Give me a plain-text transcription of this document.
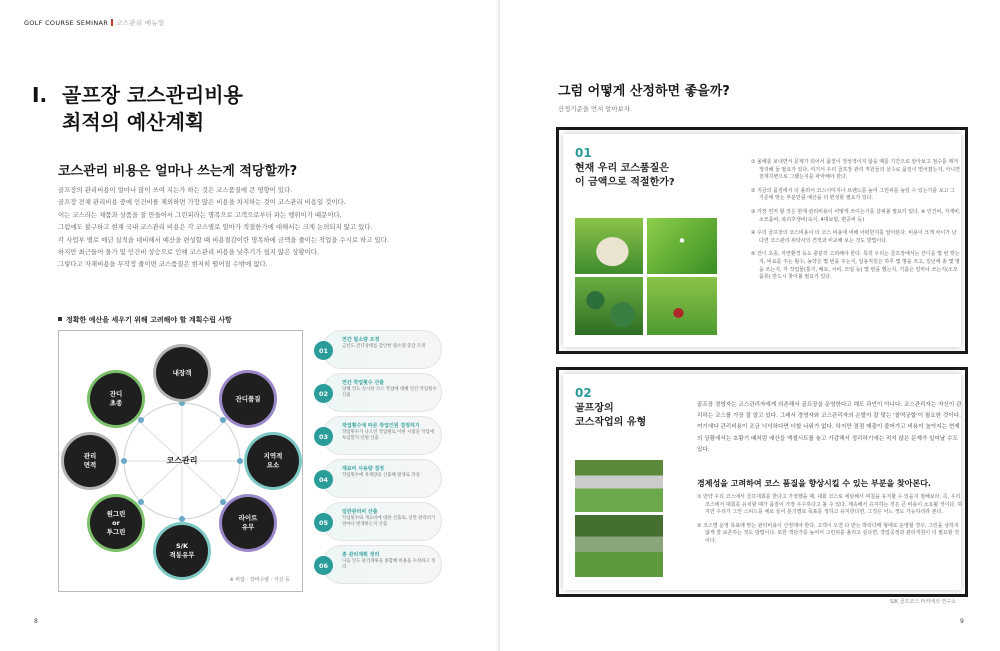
GOLF COURSE SEMINAR 코스관리 매뉴얼
Ⅰ. 골프장 코스관리비용
최적의 예산계획
코스관리 비용은 얼마나 쓰는게 적당할까?
골프장의 관리비용이 얼마나 많이 쓰여 지는가 하는 것은 코스품질에 큰 영향이 있다.
골프장 전체 관리비용 중에 인건비를 제외하면 가장 많은 비용을 차지하는 것이 코스관리 비용일 것이다.
이는 코스라는 제품과 상품을 잘 만들어서 그린피라는 명목으로 고객으로부터 파는 행위이기 때문이다.
그럼에도 불구하고 현재 국내 코스관리 비용은 각 코스별로 얼마가 적절한가에 대해서는 크게 논의되지 않고 있다.
각 사업부 별로 매년 실적을 대비해서 예산을 편성할 때 비용절감이란 명목하에 금액을 줄이는 작업을 수시로 하고 있다.
하지만 최근들어 물가 및 인건비 상승으로 인해 코스관리 비용을 낮추기가 쉽지 않은 상황이다.
그렇다고 자재비용을 무작정 줄이면 코스품질은 현저히 떨어질 수밖에 없다.
정확한 예산을 세우기 위해 고려해야 할 계획수립 사항
코스관리
내장객
잔디품질
지역적
요소
라이트
유무
S/K
적동유무
원그린
or
투그린
관리
면적
잔디
초종
※ 바람 · 장비수량 · 기상 등
01
연간 필소량 조정
금년도 잔디상태를 감안한 필소량 증감 조정
02
연간 작업횟수 산출
당해 연도 실시한 코스 작업에 대해 연간 작업횟수 산출
03
작업횟수에 따른 작업인원 결정하기
작업횟수가 나오면 작업별로 어떤 시범을 작업에 투입할지 인원 산출
04
재료비 사용량 결정
작업횟수에 자재량을 산출해 발생로 작성
05
일반관리비 산출
작업횟수와 재료비에 대한 산출로, 일반 관리비가 얼마나 발생하는지 산출
06
총 관리계획 정리
다음 연도 관리계획을 종합해 비용을 수정하고 정리
8
그럼 어떻게 산정하면 좋을까?
산정기준을 먼저 알아보자.
9
01
현재 우리 코스품질은
이 금액으로 적절한가?

① 올해를 보내면서 문제가 되어서 품질이 정상적이지 않을 때를 기간으로 알아보고 점수를 매겨 정리해 둘 필요가 있다. 여기서 우리 골프장 관리 직원들의 실수로 품질이 떨어졌는지, 아니면 천재지변으로 그랬는지를 파악해야 한다.

② 지금의 품질에서 더 올려서 코스이미지나 브랜드를 높여 그린피를 높일 수 있는가를 보고 그 기준에 맞는 부분만큼 예산을 더 편성할 필요가 있다.

③ 가장 먼저 할 것은 현재 관리비용이 어떻게 쓰이는가를 살펴볼 필요가 있다. ※ 인건비, 자재비, 소모품비, 복리후생비(숙식, 4대보험, 편공비 등)

④ 우리 골프장의 코스비용이 타 코스 비용에 비해 어떠한지를 알아본다. 비용이 크게 차이가 난다면 코스관리 위탁사의 견적과 비교해 보는 것도 방법이다.

⑤ 잔디 초종, 자연환경 등도 충분히 고려해야 한다. 특히 우리는 골프장에서는 잔디를 몇 번 깎는지, 비료를 주는 횟수, 농약은 몇 번을 주는지, 일용직원은 하루 몇 명을 쓰고, 일년에 총 몇 명을 쓰는지, 각 작업물(통기, 배토, 시비, 모임 등) 몇 번을 했는지, 기름은 얼마나 쓰는지(소모품류) 반드시 찾아볼 필요가 있다.

02
골프장의
코스작업의 유형
골프장 경영자는 코스관리자에게 의존해서 골프장을 운영한다고 해도 과언이 아니다. 코스관리자는 자신이 관리하는 코스를 가장 잘 알고 있다. 그래서 경영자와 코스관리자의 손발이 잘 맞는 '찰떡궁합'이 필요한 것이다. 여기에다 관리비용이 조금 넉넉하다면 더할 나위가 없다. 하지만 점점 매출이 줄어가고 비용이 높아지는 현재의 상황에서는 호황기 때처럼 예산을 엑셀시트를 놓고 가감해서 정리하기에는 적지 않은 문제가 일어날 수도 있다.
경제성을 고려하여 코스 품질을 향상시킬 수 있는 부분을 찾아본다.

① 만약 우리 코스에서 골프대회를 한다고 가정했을 때, 대회 코스로 세팅해서 며칠을 유지할 수 있을지 점해보라. 즉, 우리 코스에서 대회를 유치할 때가 품질이 가장 우수하다고 볼 수 있다. 계속해서 유지하는 것은 큰 비용이 소요될 것이다. 하지만 우리가 그린 스피드를 예로 들어 분기별로 목표를 정하고 유지한다면, 그것은 어느 정도 가능하리라 본다.

② 코스별 운영 목표에 맞는 관리비용이 산정돼야 한다. 고객이 오면 다 받는 박리다매 형태로 운영할 경우, 그린을 상하지 않게 잘 보존하는 것도 방법이다. 또한 객단가를 높여서 그린피를 올리고 싶다면, 작업공정과 관리직원이 더 필요할 것이다.

S/K 골프코스 마커에의 연구소
